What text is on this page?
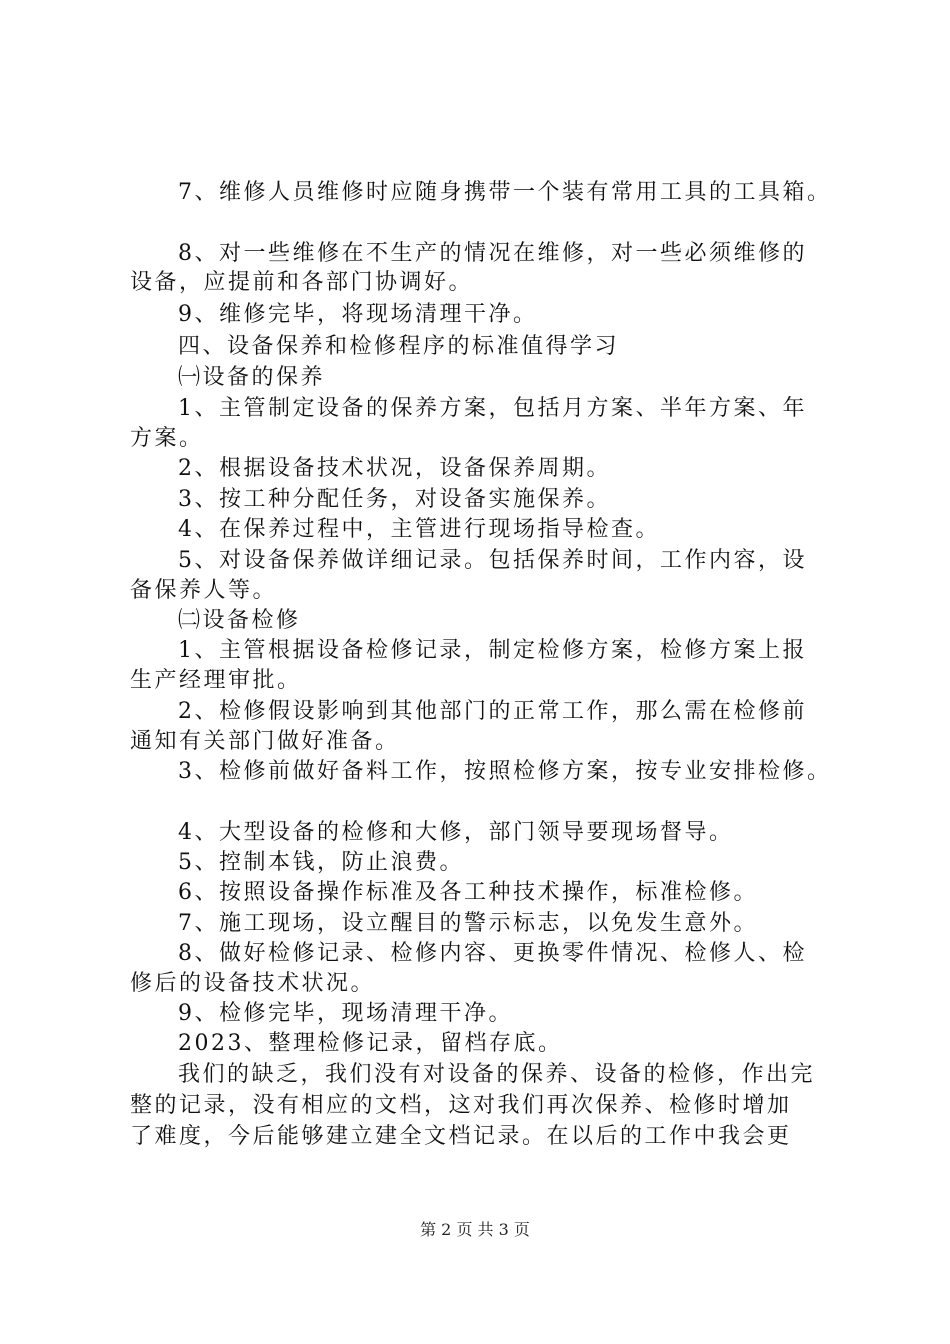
7、维修人员维修时应随身携带一个装有常用工具的工具箱。
8、对一些维修在不生产的情况在维修，对一些必须维修的
设备，应提前和各部门协调好。
9、维修完毕，将现场清理干净。
四、设备保养和检修程序的标准值得学习
㈠设备的保养
1、主管制定设备的保养方案，包括月方案、半年方案、年
方案。
2、根据设备技术状况，设备保养周期。
3、按工种分配任务，对设备实施保养。
4、在保养过程中，主管进行现场指导检查。
5、对设备保养做详细记录。包括保养时间，工作内容，设
备保养人等。
㈡设备检修
1、主管根据设备检修记录，制定检修方案，检修方案上报
生产经理审批。
2、检修假设影响到其他部门的正常工作，那么需在检修前
通知有关部门做好准备。
3、检修前做好备料工作，按照检修方案，按专业安排检修。
4、大型设备的检修和大修，部门领导要现场督导。
5、控制本钱，防止浪费。
6、按照设备操作标准及各工种技术操作，标准检修。
7、施工现场，设立醒目的警示标志，以免发生意外。
8、做好检修记录、检修内容、更换零件情况、检修人、检
修后的设备技术状况。
9、检修完毕，现场清理干净。
2023、整理检修记录，留档存底。
我们的缺乏，我们没有对设备的保养、设备的检修，作出完
整的记录，没有相应的文档，这对我们再次保养、检修时增加
了难度，今后能够建立建全文档记录。在以后的工作中我会更
第 2 页 共 3 页
